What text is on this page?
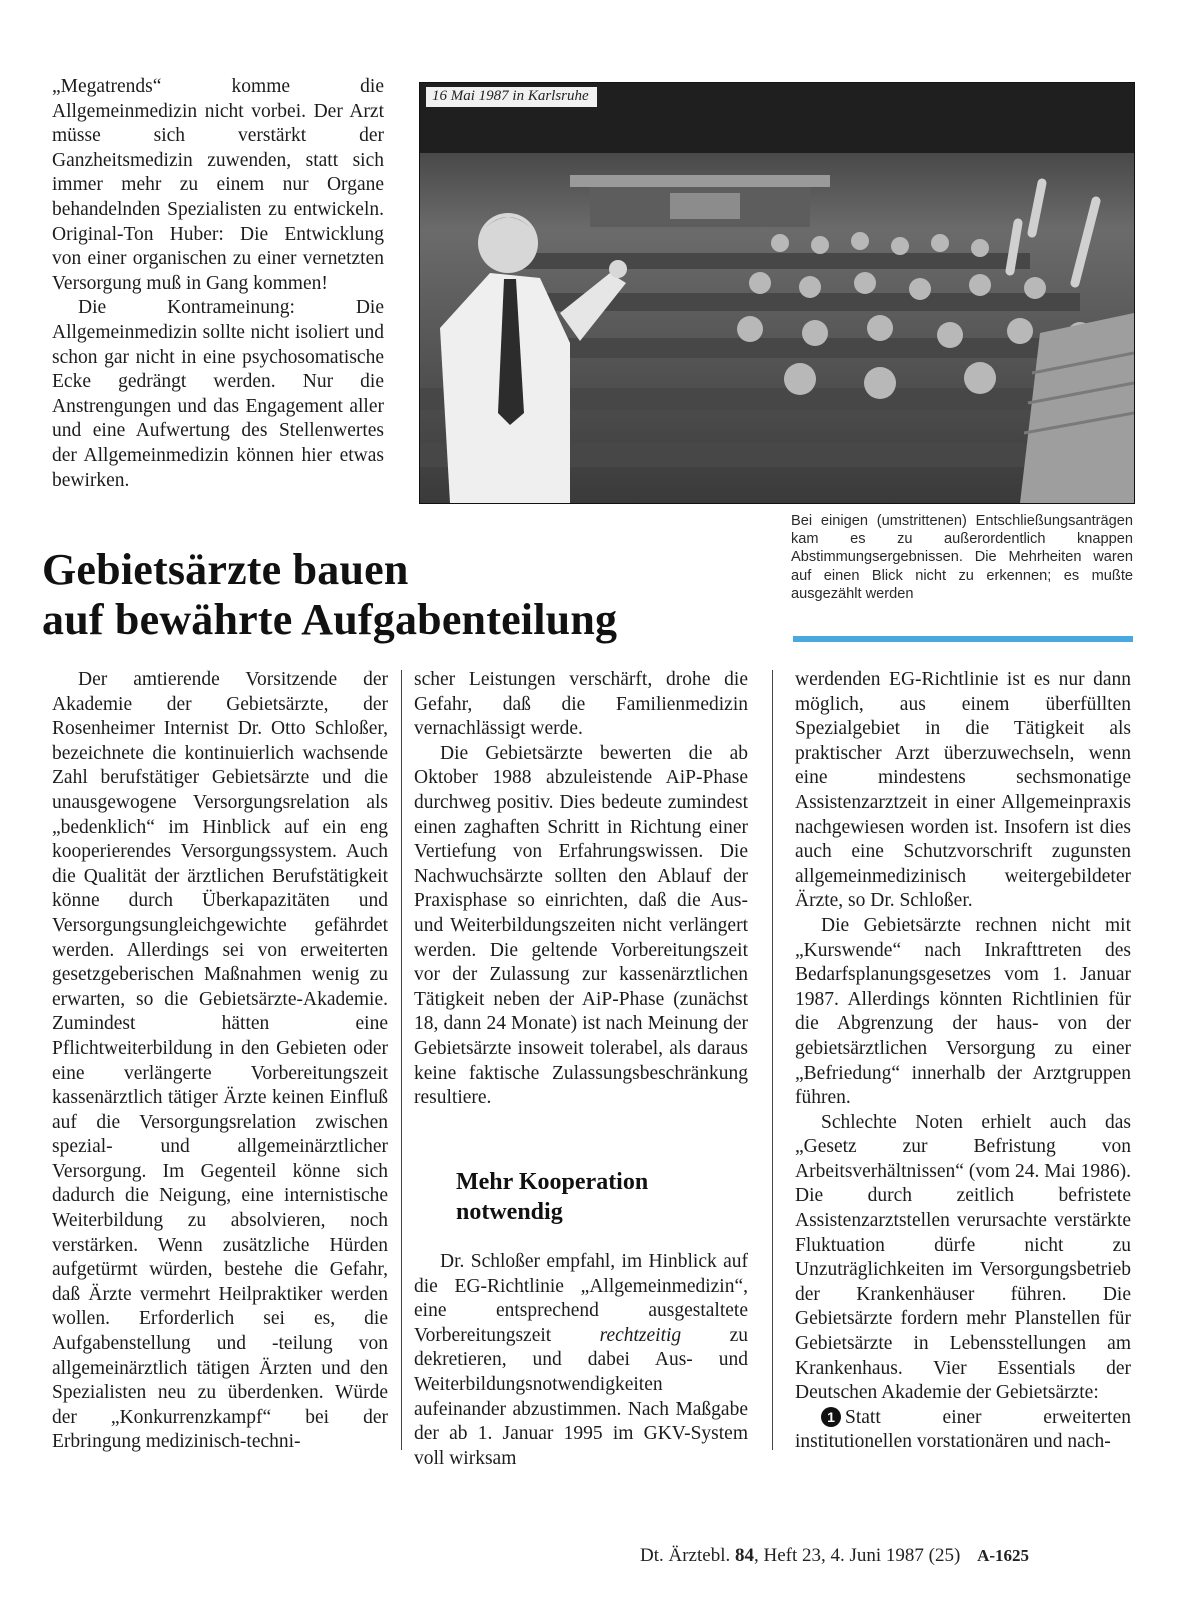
„Megatrends“ komme die Allgemeinmedizin nicht vorbei. Der Arzt müsse sich verstärkt der Ganzheitsmedizin zuwenden, statt sich immer mehr zu einem nur Organe behandelnden Spezialisten zu entwickeln. Original-Ton Huber: Die Entwicklung von einer organischen zu einer vernetzten Versorgung muß in Gang kommen!

Die Kontrameinung: Die Allgemeinmedizin sollte nicht isoliert und schon gar nicht in eine psychosomatische Ecke gedrängt werden. Nur die Anstrengungen und das Engagement aller und eine Aufwertung des Stellenwertes der Allgemeinmedizin können hier etwas bewirken.

16 Mai 1987 in Karlsruhe
Bei einigen (umstrittenen) Entschließungsanträgen kam es zu außerordentlich knappen Abstimmungsergebnissen. Die Mehrheiten waren auf einen Blick nicht zu erkennen; es mußte ausgezählt werden
Gebietsärzte bauen
auf bewährte Aufgabenteilung

Der amtierende Vorsitzende der Akademie der Gebietsärzte, der Rosenheimer Internist Dr. Otto Schloßer, bezeichnete die kontinuierlich wachsende Zahl berufstätiger Gebietsärzte und die unausgewogene Versorgungsrelation als „bedenklich“ im Hinblick auf ein eng kooperierendes Versorgungssystem. Auch die Qualität der ärztlichen Berufstätigkeit könne durch Überkapazitäten und Versorgungsungleichgewichte gefährdet werden. Allerdings sei von erweiterten gesetzgeberischen Maßnahmen wenig zu erwarten, so die Gebietsärzte-Akademie. Zumindest hätten eine Pflichtweiterbildung in den Gebieten oder eine verlängerte Vorbereitungszeit kassenärztlich tätiger Ärzte keinen Einfluß auf die Versorgungsrelation zwischen spezial- und allgemeinärztlicher Versorgung. Im Gegenteil könne sich dadurch die Neigung, eine internistische Weiterbildung zu absolvieren, noch verstärken. Wenn zusätzliche Hürden aufgetürmt würden, bestehe die Gefahr, daß Ärzte vermehrt Heilpraktiker werden wollen. Erforderlich sei es, die Aufgabenstellung und -teilung von allgemeinärztlich tätigen Ärzten und den Spezialisten neu zu überdenken. Würde der „Konkurrenzkampf“ bei der Erbringung medizinisch-techni-

scher Leistungen verschärft, drohe die Gefahr, daß die Familienmedizin vernachlässigt werde.

Die Gebietsärzte bewerten die ab Oktober 1988 abzuleistende AiP-Phase durchweg positiv. Dies bedeute zumindest einen zaghaften Schritt in Richtung einer Vertiefung von Erfahrungswissen. Die Nachwuchsärzte sollten den Ablauf der Praxisphase so einrichten, daß die Aus- und Weiterbildungszeiten nicht verlängert werden. Die geltende Vorbereitungszeit vor der Zulassung zur kassenärztlichen Tätigkeit neben der AiP-Phase (zunächst 18, dann 24 Monate) ist nach Meinung der Gebietsärzte insoweit tolerabel, als daraus keine faktische Zulassungsbeschränkung resultiere.

Mehr Kooperation
notwendig

Dr. Schloßer empfahl, im Hinblick auf die EG-Richtlinie „Allgemeinmedizin“, eine entsprechend ausgestaltete Vorbereitungszeit rechtzeitig zu dekretieren, und dabei Aus- und Weiterbildungsnotwendigkeiten aufeinander abzustimmen. Nach Maßgabe der ab 1. Januar 1995 im GKV-System voll wirksam

werdenden EG-Richtlinie ist es nur dann möglich, aus einem überfüllten Spezialgebiet in die Tätigkeit als praktischer Arzt überzuwechseln, wenn eine mindestens sechsmonatige Assistenzarztzeit in einer Allgemeinpraxis nachgewiesen worden ist. Insofern ist dies auch eine Schutzvorschrift zugunsten allgemeinmedizinisch weitergebildeter Ärzte, so Dr. Schloßer.

Die Gebietsärzte rechnen nicht mit „Kurswende“ nach Inkrafttreten des Bedarfsplanungsgesetzes vom 1. Januar 1987. Allerdings könnten Richtlinien für die Abgrenzung der haus- von der gebietsärztlichen Versorgung zu einer „Befriedung“ innerhalb der Arztgruppen führen.

Schlechte Noten erhielt auch das „Gesetz zur Befristung von Arbeitsverhältnissen“ (vom 24. Mai 1986). Die durch zeitlich befristete Assistenzarztstellen verursachte verstärkte Fluktuation dürfe nicht zu Unzuträglichkeiten im Versorgungsbetrieb der Krankenhäuser führen. Die Gebietsärzte fordern mehr Planstellen für Gebietsärzte in Lebensstellungen am Krankenhaus. Vier Essentials der Deutschen Akademie der Gebietsärzte:

1 Statt einer erweiterten institutionellen vorstationären und nach-

Dt. Ärztebl. 84, Heft 23, 4. Juni 1987 (25) A-1625
